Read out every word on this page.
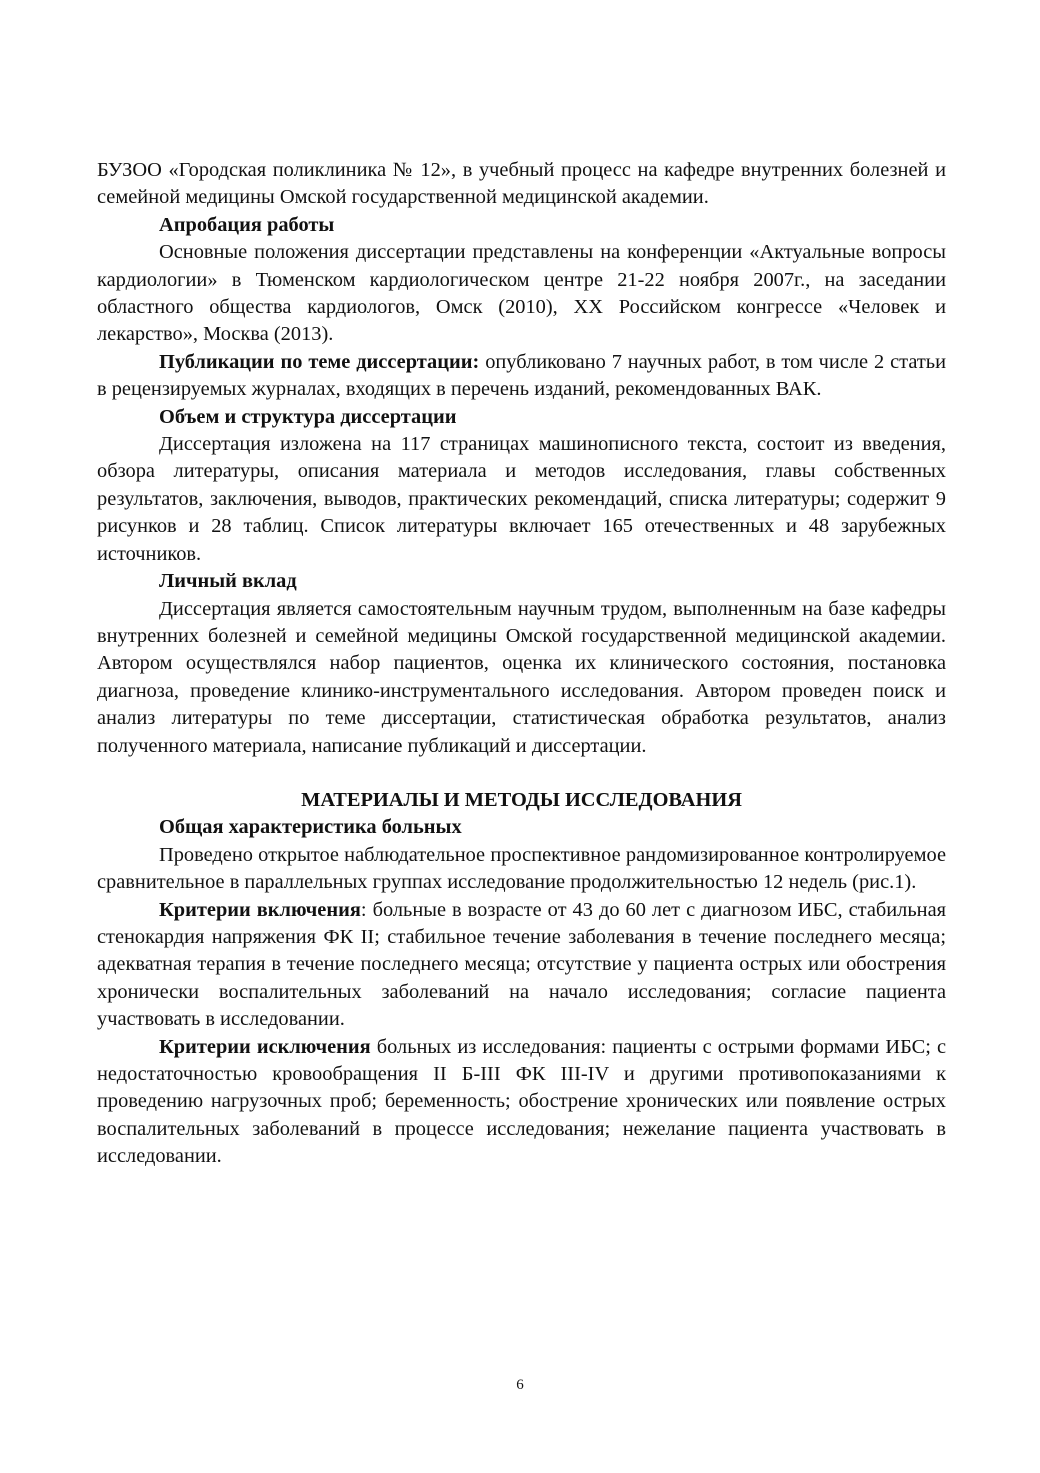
БУЗОО «Городская поликлиника № 12», в учебный процесс на кафедре внутренних болезней и семейной медицины Омской государственной медицинской академии.

Апробация работы

Основные положения диссертации представлены на конференции «Актуальные вопросы кардиологии» в Тюменском кардиологическом центре 21-22 ноября 2007г., на заседании областного общества кардиологов, Омск (2010), XX Российском конгрессе «Человек и лекарство», Москва (2013).

Публикации по теме диссертации: опубликовано 7 научных работ, в том числе 2 статьи в рецензируемых журналах, входящих в перечень изданий, рекомендованных ВАК.

Объем и структура диссертации

Диссертация изложена на 117 страницах машинописного текста, состоит из введения, обзора литературы, описания материала и методов исследования, главы собственных результатов, заключения, выводов, практических рекомендаций, списка литературы; содержит 9 рисунков и 28 таблиц. Список литературы включает 165 отечественных и 48 зарубежных источников.

Личный вклад

Диссертация является самостоятельным научным трудом, выполненным на базе кафедры внутренних болезней и семейной медицины Омской государственной медицинской академии. Автором осуществлялся набор пациентов, оценка их клинического состояния, постановка диагноза, проведение клинико-инструментального исследования. Автором проведен поиск и анализ литературы по теме диссертации, статистическая обработка результатов, анализ полученного материала, написание публикаций и диссертации.

МАТЕРИАЛЫ И МЕТОДЫ ИССЛЕДОВАНИЯ

Общая характеристика больных

Проведено открытое наблюдательное проспективное рандомизированное контролируемое сравнительное в параллельных группах исследование продолжительностью 12 недель (рис.1).

Критерии включения: больные в возрасте от 43 до 60 лет с диагнозом ИБС, стабильная стенокардия напряжения ФК II; стабильное течение заболевания в течение последнего месяца; адекватная терапия в течение последнего месяца; отсутствие у пациента острых или обострения хронически воспалительных заболеваний на начало исследования; согласие пациента участвовать в исследовании.

Критерии исключения больных из исследования: пациенты с острыми формами ИБС; с недостаточностью кровообращения II Б-III ФК III-IV и другими противопоказаниями к проведению нагрузочных проб; беременность; обострение хронических или появление острых воспалительных заболеваний в процессе исследования; нежелание пациента участвовать в исследовании.

6
